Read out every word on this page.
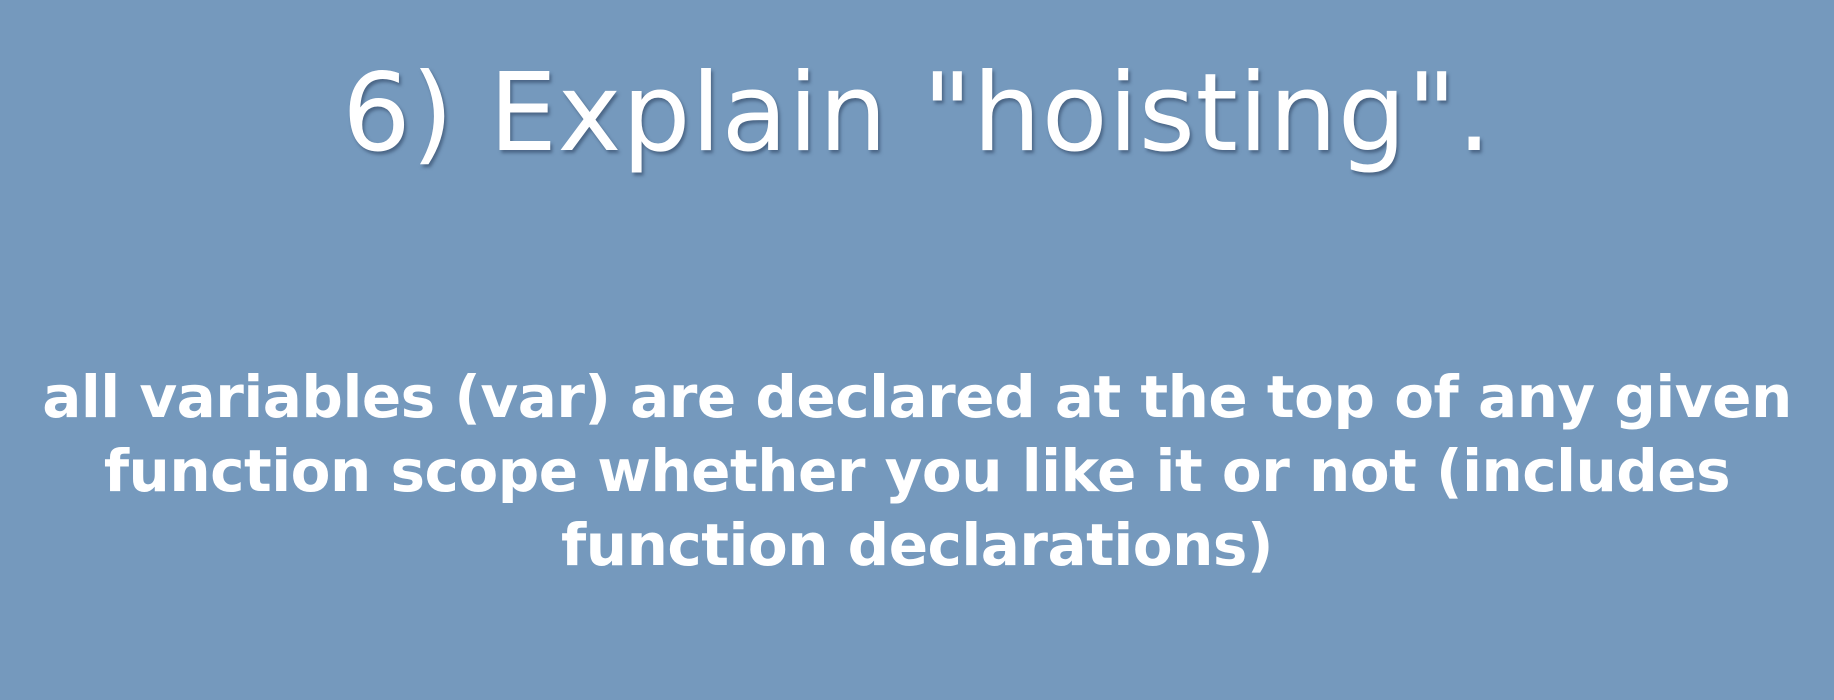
6) Explain "hoisting".

all variables (var) are declared at the top of any given
function scope whether you like it or not (includes
function declarations)
